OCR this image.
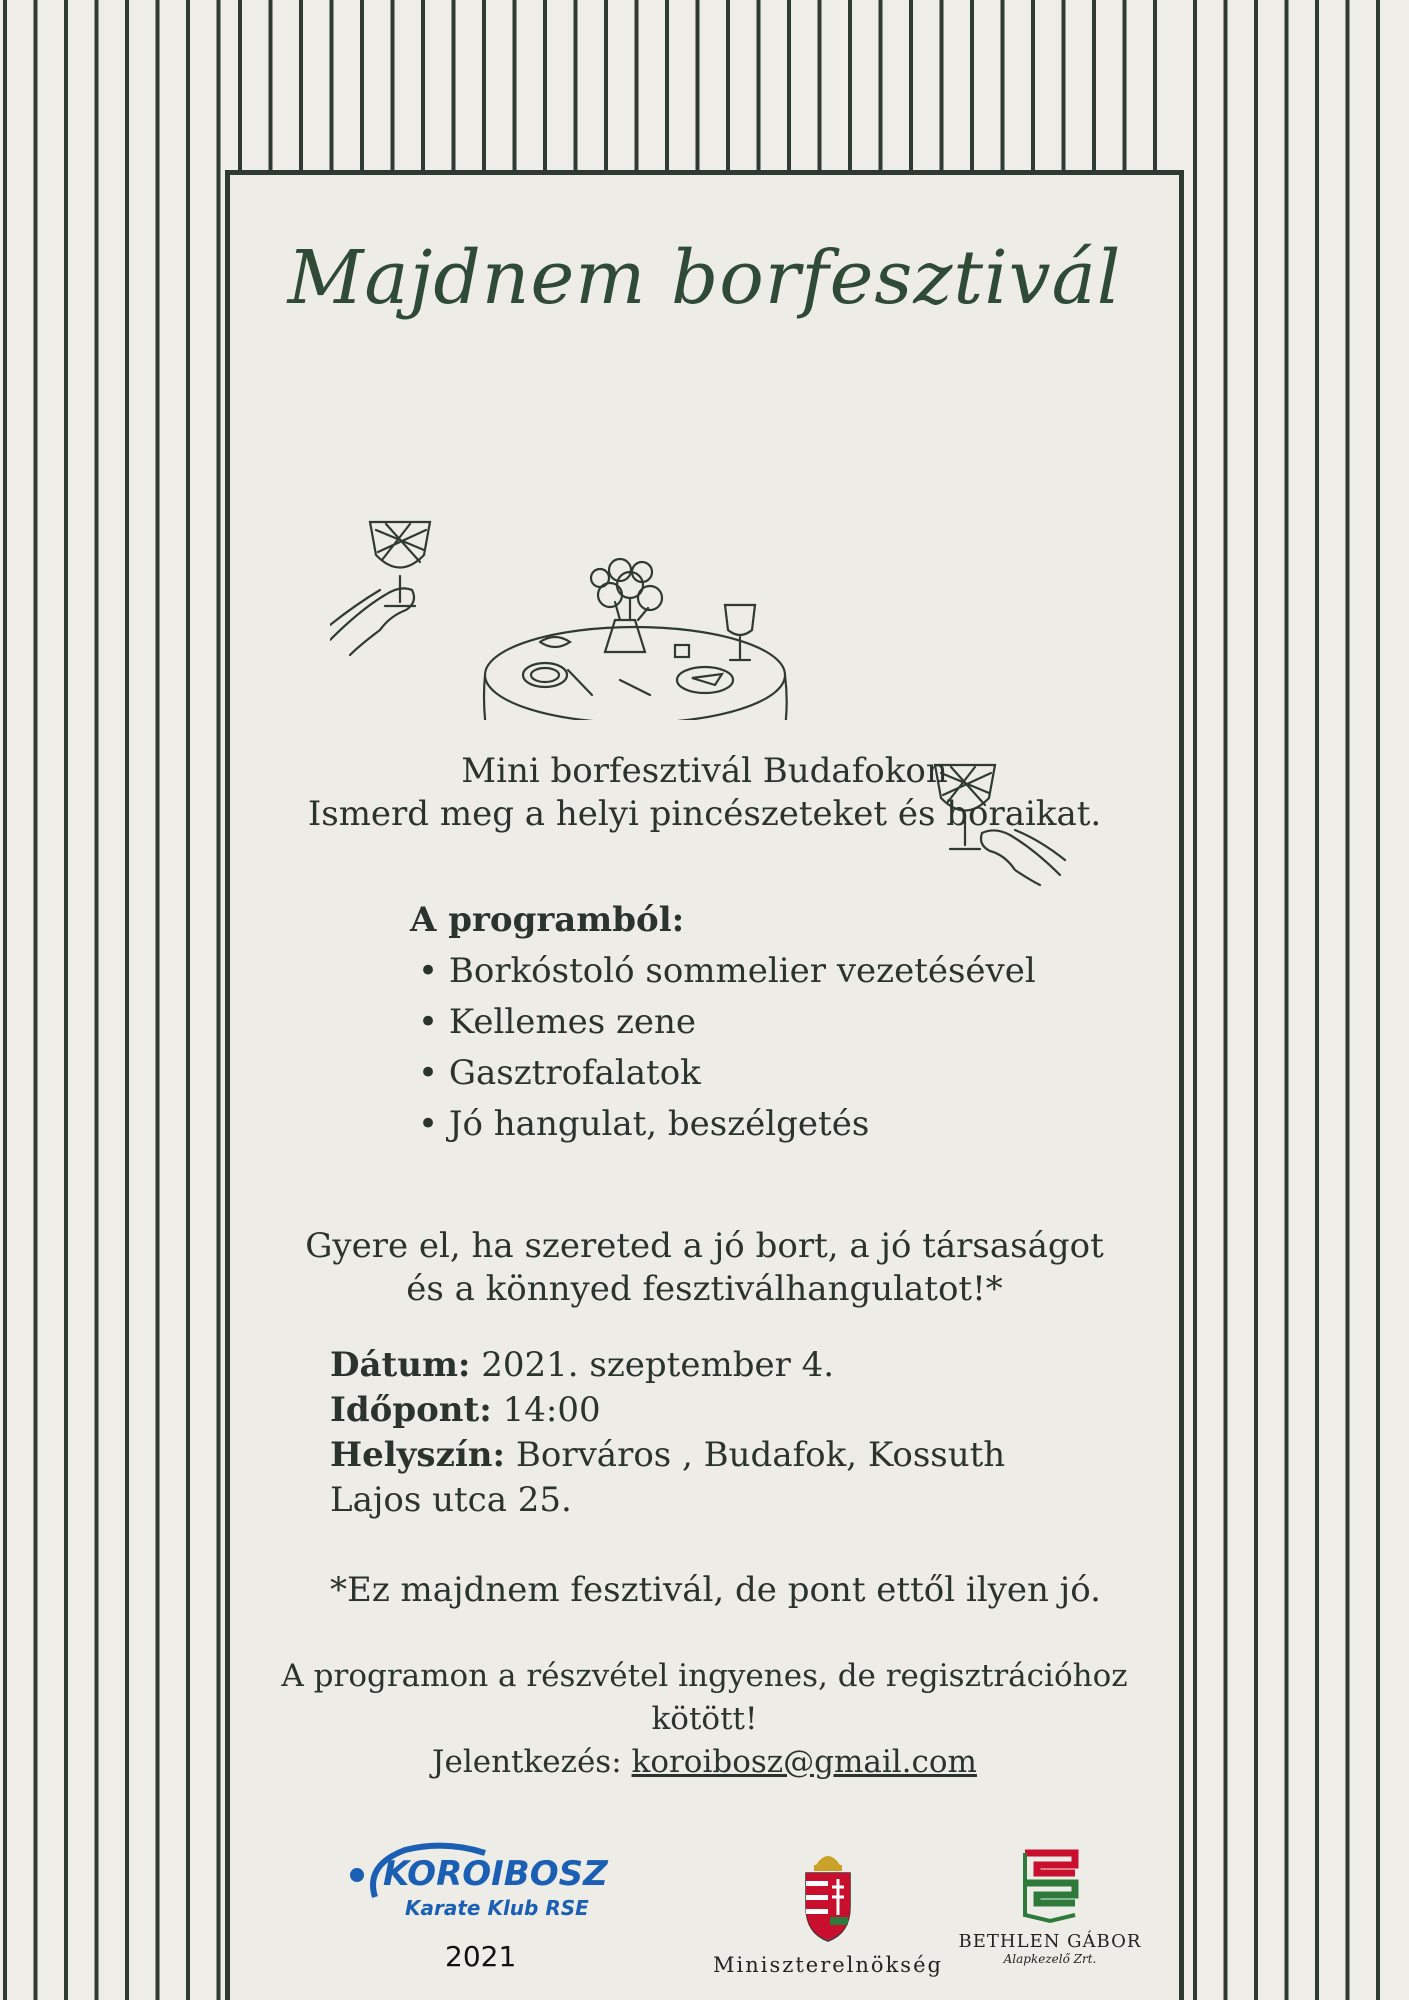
Majdnem borfesztivál
Mini borfesztivál Budafokon
Ismerd meg a helyi pincészeteket és boraikat.
A programból:
• Borkóstoló sommelier vezetésével
• Kellemes zene
• Gasztrofalatok
• Jó hangulat, beszélgetés
Gyere el, ha szereted a jó bort, a jó társaságot
és a könnyed fesztiválhangulatot!*
Dátum: 2021. szeptember 4.
Időpont: 14:00
Helyszín: Borváros , Budafok, Kossuth Lajos utca 25.
*Ez majdnem fesztivál, de pont ettől ilyen jó.
A programon a részvétel ingyenes, de regisztrációhoz
kötött!
Jelentkezés: koroibosz@gmail.com
KOROIBOSZ
Karate Klub RSE
2021	Miniszterelnökség
BETHLEN GÁBOR
Alapkezelő Zrt.
